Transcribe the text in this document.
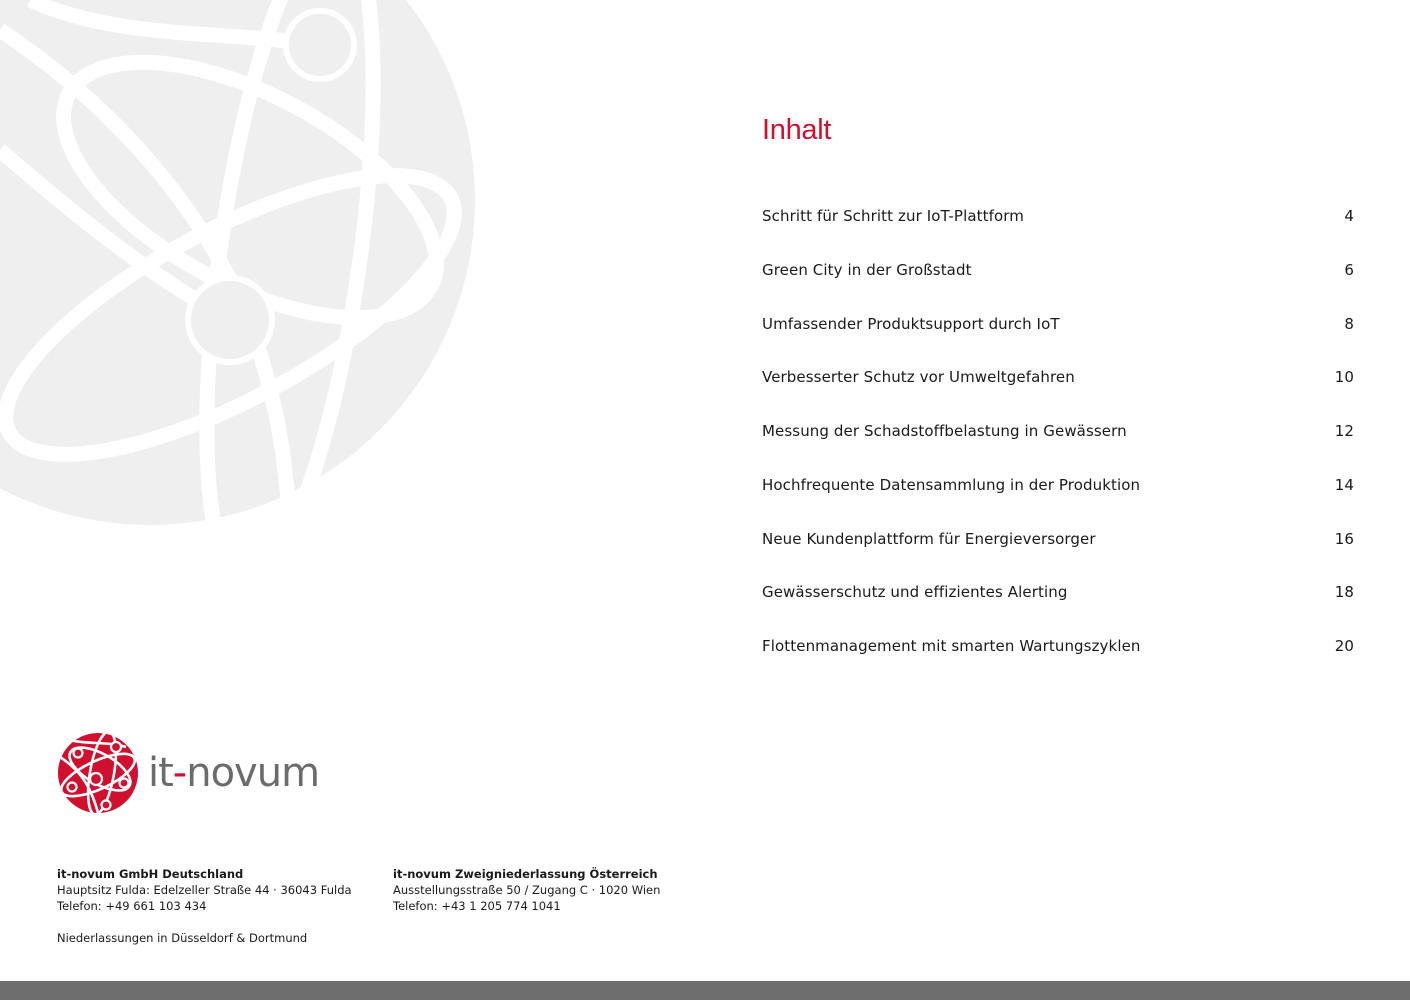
Inhalt
Schritt für Schritt zur IoT-Plattform	4
Green City in der Großstadt	6
Umfassender Produktsupport durch IoT	8
Verbesserter Schutz vor Umweltgefahren	10
Messung der Schadstoffbelastung in Gewässern	12
Hochfrequente Datensammlung in der Produktion	14
Neue Kundenplattform für Energieversorger	16
Gewässerschutz und effizientes Alerting	18
Flottenmanagement mit smarten Wartungszyklen	20
it-novum
it-novum GmbH Deutschland
Hauptsitz Fulda: Edelzeller Straße 44 · 36043 Fulda
Telefon: +49 661 103 434
Niederlassungen in Düsseldorf & Dortmund
it-novum Zweigniederlassung Österreich
Ausstellungsstraße 50 / Zugang C · 1020 Wien
Telefon: +43 1 205 774 1041
